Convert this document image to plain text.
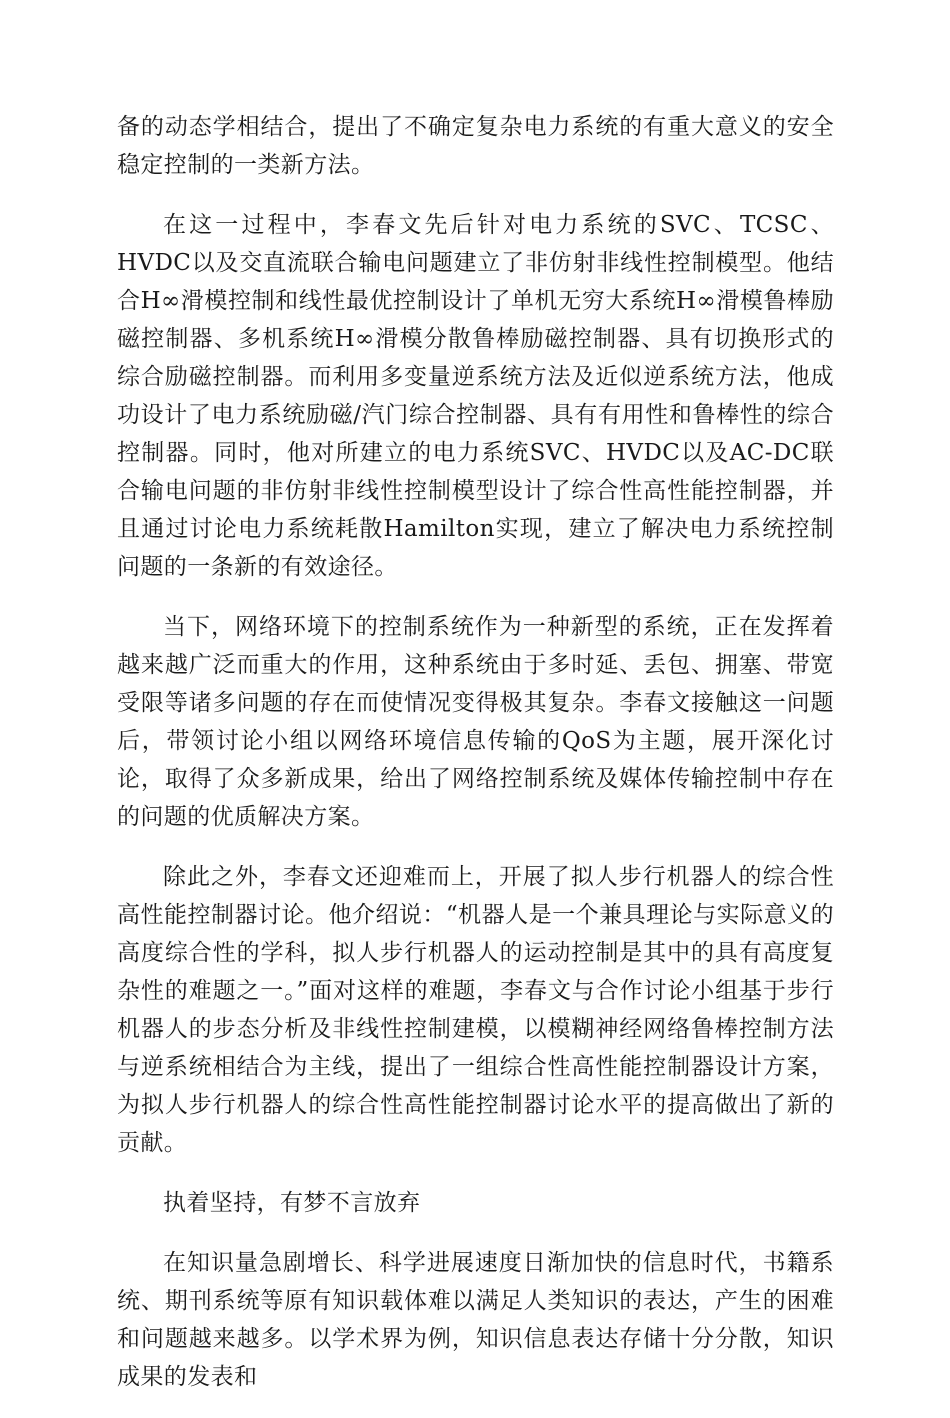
备的动态学相结合，提出了不确定复杂电力系统的有重大意义的安全稳定控制的一类新方法。

在这一过程中，李春文先后针对电力系统的SVC、TCSC、HVDC以及交直流联合输电问题建立了非仿射非线性控制模型。他结合H∞滑模控制和线性最优控制设计了单机无穷大系统H∞滑模鲁棒励磁控制器、多机系统H∞滑模分散鲁棒励磁控制器、具有切换形式的综合励磁控制器。而利用多变量逆系统方法及近似逆系统方法，他成功设计了电力系统励磁/汽门综合控制器、具有有用性和鲁棒性的综合控制器。同时，他对所建立的电力系统SVC、HVDC以及AC-DC联合输电问题的非仿射非线性控制模型设计了综合性高性能控制器，并且通过讨论电力系统耗散Hamilton实现，建立了解决电力系统控制问题的一条新的有效途径。

当下，网络环境下的控制系统作为一种新型的系统，正在发挥着越来越广泛而重大的作用，这种系统由于多时延、丢包、拥塞、带宽受限等诸多问题的存在而使情况变得极其复杂。李春文接触这一问题后，带领讨论小组以网络环境信息传输的QoS为主题，展开深化讨论，取得了众多新成果，给出了网络控制系统及媒体传输控制中存在的问题的优质解决方案。

除此之外，李春文还迎难而上，开展了拟人步行机器人的综合性高性能控制器讨论。他介绍说：“机器人是一个兼具理论与实际意义的高度综合性的学科，拟人步行机器人的运动控制是其中的具有高度复杂性的难题之一。”面对这样的难题，李春文与合作讨论小组基于步行机器人的步态分析及非线性控制建模，以模糊神经网络鲁棒控制方法与逆系统相结合为主线，提出了一组综合性高性能控制器设计方案，为拟人步行机器人的综合性高性能控制器讨论水平的提高做出了新的贡献。

执着坚持，有梦不言放弃

在知识量急剧增长、科学进展速度日渐加快的信息时代，书籍系统、期刊系统等原有知识载体难以满足人类知识的表达，产生的困难和问题越来越多。以学术界为例，知识信息表达存储十分分散，知识成果的发表和
